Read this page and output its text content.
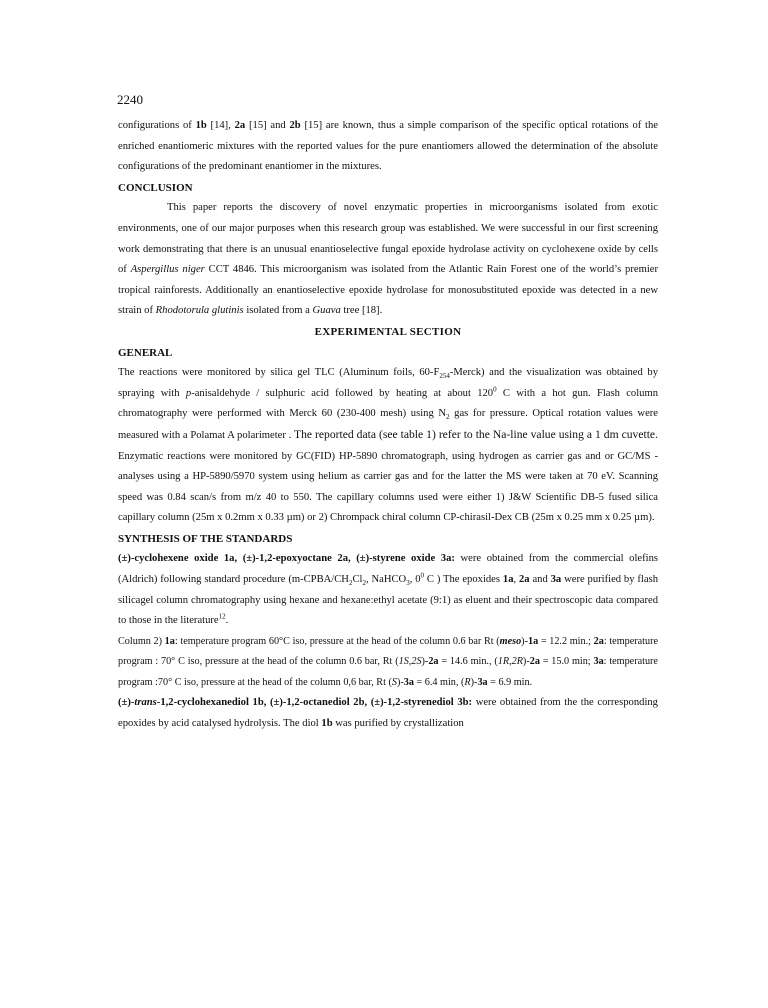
2240

configurations of 1b [14], 2a [15] and 2b [15] are known, thus a simple comparison of the specific optical rotations of the enriched enantiomeric mixtures with the reported values for the pure enantiomers allowed the determination of the absolute configurations of the predominant enantiomer in the mixtures.

CONCLUSION

This paper reports the discovery of novel enzymatic properties in microorganisms isolated from exotic environments, one of our major purposes when this research group was established. We were successful in our first screening work demonstrating that there is an unusual enantioselective fungal epoxide hydrolase activity on cyclohexene oxide by cells of Aspergillus niger CCT 4846. This microorganism was isolated from the Atlantic Rain Forest one of the world’s premier tropical rainforests. Additionally an enantioselective epoxide hydrolase for monosubstituted epoxide was detected in a new strain of Rhodotorula glutinis isolated from a Guava tree [18].

EXPERIMENTAL SECTION

GENERAL

The reactions were monitored by silica gel TLC (Aluminum foils, $60-F_{254}-Merck$) and the visualization was obtained by spraying with p-anisaldehyde / sulphuric acid followed by heating at about $120^0$ C with a hot gun. Flash column chromatography were performed with Merck 60 (230-400 mesh) using $N_2$ gas for pressure. Optical rotation values were measured with a Polamat A polarimeter . The reported data (see table 1) refer to the Na-line value using a 1 dm cuvette. Enzymatic reactions were monitored by GC(FID) HP-5890 chromatograph, using hydrogen as carrier gas and or GC/MS -analyses using a HP-5890/5970 system using helium as carrier gas and for the latter the MS were taken at 70 eV. Scanning speed was 0.84 scan/s from m/z 40 to 550. The capillary columns used were either 1) J&W Scientific DB-5 fused silica capillary column (25m x 0.2mm x 0.33 µm) or 2) Chrompack chiral column CP-chirasil-Dex CB (25m x 0.25 mm x 0.25 µm).

SYNTHESIS OF THE STANDARDS

(±)-cyclohexene oxide 1a, (±)-1,2-epoxyoctane 2a, (±)-styrene oxide 3a: were obtained from the commercial olefins (Aldrich) following standard procedure ($m-CPBA/CH_2Cl_2$, NaHCO$_3$, $0^0$ C ) The epoxides 1a, 2a and 3a were purified by flash silicagel column chromatography using hexane and hexane:ethyl acetate (9:1) as eluent and their spectroscopic data compared to those in the literature$^{12}$.

Column 2) 1a: temperature program 60°C iso, pressure at the head of the column 0.6 bar Rt (meso)-1a = 12.2 min.; 2a: temperature program : 70° C iso, pressure at the head of the column 0.6 bar, Rt (1S,2S)-2a = 14.6 min., (1R,2R)-2a = 15.0 min; 3a: temperature program :70° C iso, pressure at the head of the column 0,6 bar, Rt (S)-3a = 6.4 min, (R)-3a = 6.9 min.

(±)-trans-1,2-cyclohexanediol 1b, (±)-1,2-octanediol 2b, (±)-1,2-styrenediol 3b: were obtained from the the corresponding epoxides by acid catalysed hydrolysis. The diol 1b was purified by crystallization
